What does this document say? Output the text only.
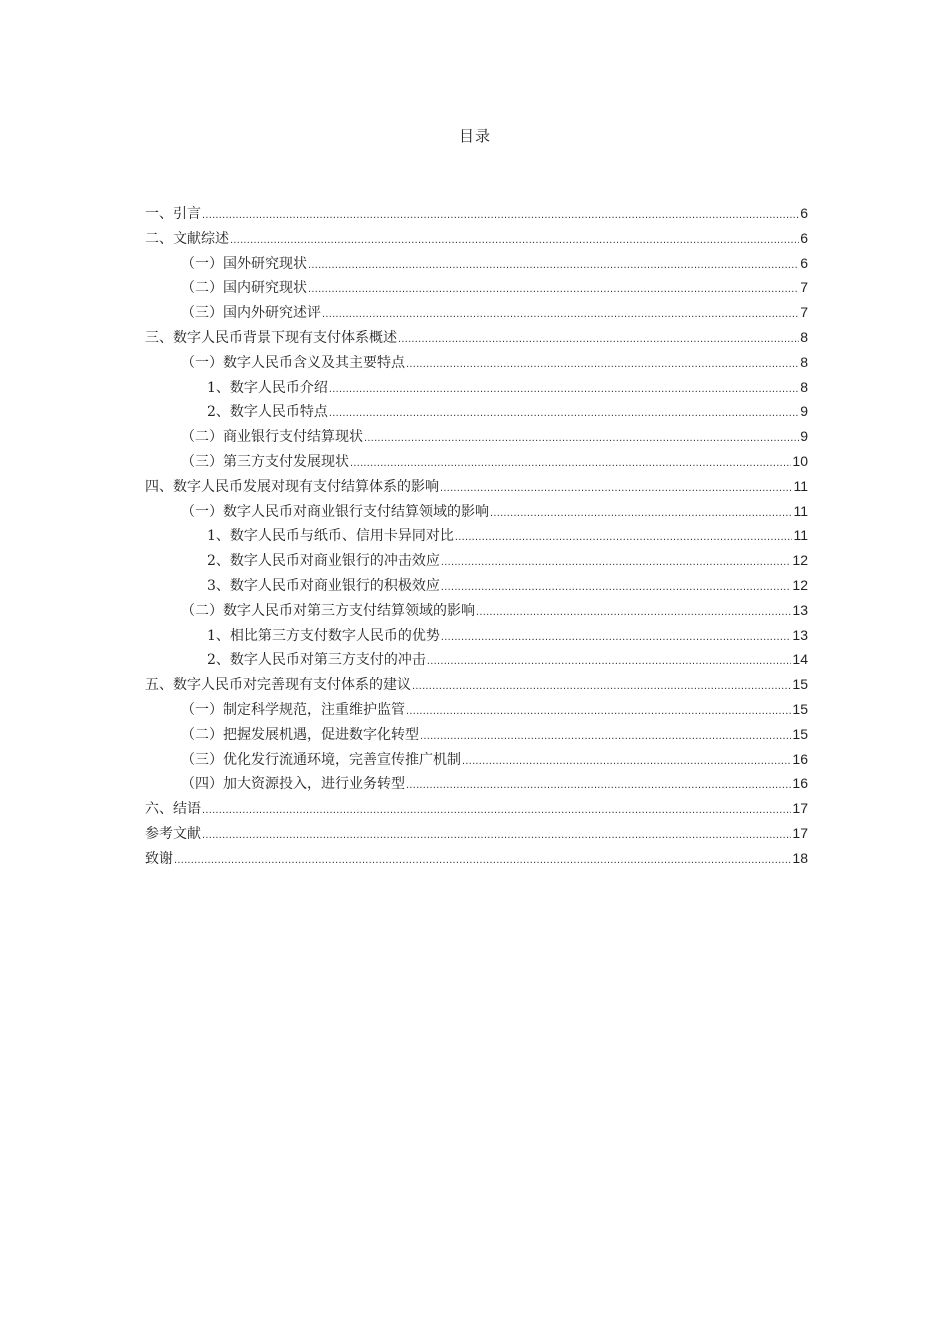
目录
一、引言 .....	6
二、文献综述 .....	6
（一）国外研究现状 .....	6
（二）国内研究现状 .....	7
（三）国内外研究述评 .....	7
三、数字人民币背景下现有支付体系概述 .....	8
（一）数字人民币含义及其主要特点 .....	8
1、数字人民币介绍 .....	8
2、数字人民币特点 .....	9
（二）商业银行支付结算现状 .....	9
（三）第三方支付发展现状 .....	10
四、数字人民币发展对现有支付结算体系的影响 .....	11
（一）数字人民币对商业银行支付结算领域的影响 .....	11
1、数字人民币与纸币、信用卡异同对比 .....	11
2、数字人民币对商业银行的冲击效应 .....	12
3、数字人民币对商业银行的积极效应 .....	12
（二）数字人民币对第三方支付结算领域的影响 .....	13
1、相比第三方支付数字人民币的优势 .....	13
2、数字人民币对第三方支付的冲击 .....	14
五、数字人民币对完善现有支付体系的建议 .....	15
（一）制定科学规范，注重维护监管 .....	15
（二）把握发展机遇，促进数字化转型 .....	15
（三）优化发行流通环境，完善宣传推广机制 .....	16
（四）加大资源投入，进行业务转型 .....	16
六、结语 .....	17
参考文献 .....	17
致谢 .....	18
